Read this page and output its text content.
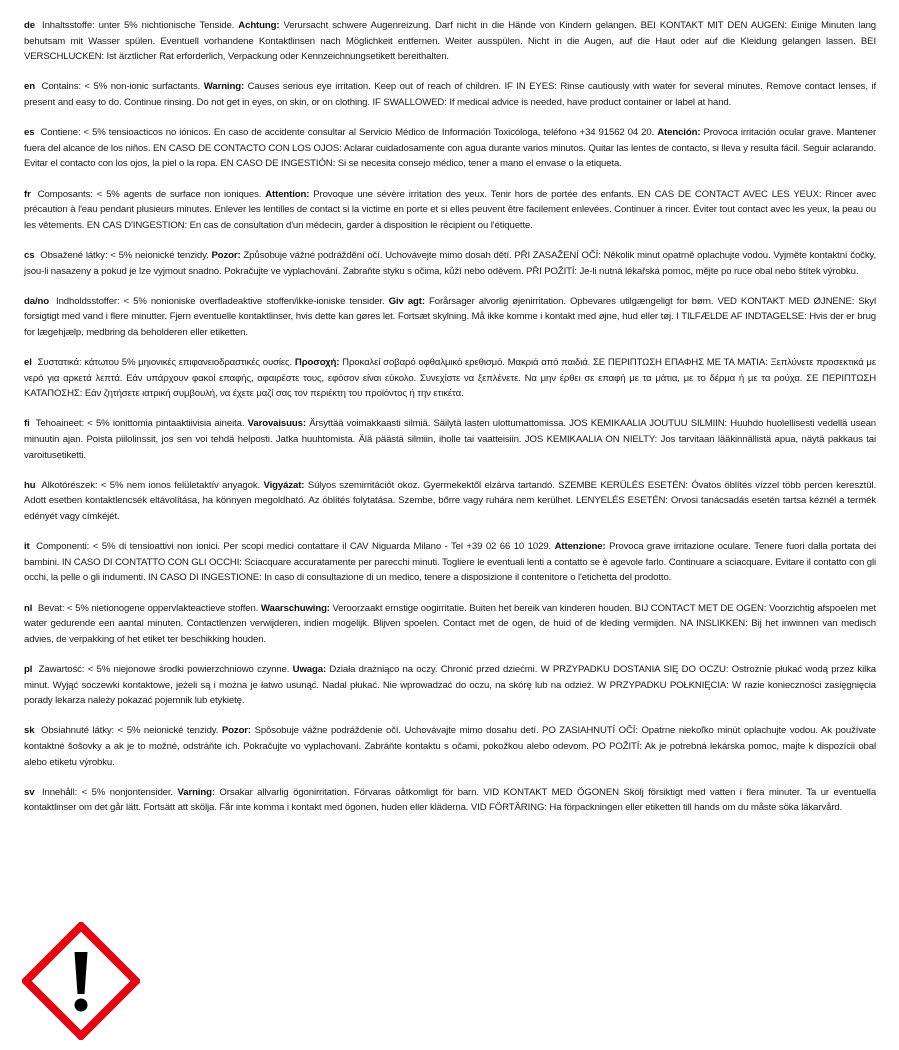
de Inhaltsstoffe: unter 5% nichtionische Tenside. Achtung: Verursacht schwere Augenreizung. Darf nicht in die Hände von Kindern gelangen. BEI KONTAKT MIT DEN AUGEN: Einige Minuten lang behutsam mit Wasser spülen. Eventuell vorhandene Kontaktlinsen nach Möglichkeit entfernen. Weiter ausspülen. Nicht in die Augen, auf die Haut oder auf die Kleidung gelangen lassen. BEI VERSCHLUCKEN: Ist ärztlicher Rat erforderlich, Verpackung oder Kennzeichnungsetikett bereithalten.

en Contains: < 5% non-ionic surfactants. Warning: Causes serious eye irritation. Keep out of reach of children. IF IN EYES: Rinse cautiously with water for several minutes. Remove contact lenses, if present and easy to do. Continue rinsing. Do not get in eyes, on skin, or on clothing. IF SWALLOWED: If medical advice is needed, have product container or label at hand.

es Contiene: < 5% tensioacticos no iónicos. En caso de accidente consultar al Servicio Médico de Información Toxicóloga, teléfono +34 91562 04 20. Atención: Provoca irritación ocular grave. Mantener fuera del alcance de los niños. EN CASO DE CONTACTO CON LOS OJOS: Aclarar cuidadosamente con agua durante varios minutos. Quitar las lentes de contacto, si lleva y resulta fácil. Seguir aclarando. Evitar el contacto con los ojos, la piel o la ropa. EN CASO DE INGESTIÓN: Si se necesita consejo médico, tener a mano el envase o la etiqueta.

fr Composants: < 5% agents de surface non ioniques. Attention: Provoque une sévère irritation des yeux. Tenir hors de portée des enfants. EN CAS DE CONTACT AVEC LES YEUX: Rincer avec précaution à l'eau pendant plusieurs minutes. Enlever les lentilles de contact si la victime en porte et si elles peuvent être facilement enlevées. Continuer à rincer. Éviter tout contact avec les yeux, la peau ou les vêtements. EN CAS D'INGESTION: En cas de consultation d'un médecin, garder à disposition le récipient ou l'étiquette.

cs Obsažené látky: < 5% neionické tenzidy. Pozor: Způsobuje vážné podráždění očí. Uchovávejte mimo dosah dětí. PŘI ZASAŽENÍ OČÍ: Několik minut opatrně oplachujte vodou. Vyjměte kontaktní čočky, jsou-li nasazeny a pokud je lze vyjmout snadno. Pokračujte ve vyplachování. Zabraňte styku s očima, kůží nebo oděvem. PŘI POŽITÍ: Je-li nutná lékařská pomoc, mějte po ruce obal nebo štítek výrobku.

da/no Indholdsstoffer: < 5% nonioniske overfladeaktive stoffen/ikke-ioniske tensider. Giv agt: Forårsager alvorlig øjenirritation. Opbevares utilgængeligt for børn. VED KONTAKT MED ØJNENE: Skyl forsigtigt med vand i flere minutter. Fjern eventuelle kontaktlinser, hvis dette kan gøres let. Fortsæt skylning. Må ikke komme i kontakt med øjne, hud eller tøj. I TILFÆLDE AF INDTAGELSE: Hvis der er brug for lægehjælp, medbring da beholderen eller etiketten.

el Συστατικά: κάτωτου 5% μηιονικές επιφανειοδραστικές ουσίες. Προσοχή: Προκαλεί σοβαρό οφθαλμικό ερεθισμό. Μακριά από παιδιά. ΣΕ ΠΕΡΙΠΤΩΣΗ ΕΠΑΦΗΣ ΜΕ ΤΑ ΜΑΤΙΑ: Ξεπλύνετε προσεκτικά με νερό για αρκετά λεπτά. Εάν υπάρχουν φακοί επαφής, αφαιρέστε τους, εφόσον είναι εύκολο. Συνεχίστε να ξεπλένετε. Να μην έρθει σε επαφή με τα μάτια, με το δέρμα ή με τα ρούχα. ΣΕ ΠΕΡΙΠΤΩΣΗ ΚΑΤΑΠΟΣΗΣ: Εάν ζητήσετε ιατρική συμβουλή, να έχετε μαζί σας τον περιέκτη του προϊόντος ή την ετικέτα.

fi Tehoaineet: < 5% ionittomia pintaaktiivisia aineita. Varovaisuus: Ärsyttää voimakkaasti silmiä. Säilytä lasten ulottumattomissa. JOS KEMIKAALIA JOUTUU SILMIIN: Huuhdo huolellisesti vedellä usean minuutin ajan. Poista piilolinssit, jos sen voi tehdä helposti. Jatka huuhtomista. Älä päästä silmiin, iholle tai vaatteisiin. JOS KEMIKAALIA ON NIELTY: Jos tarvitaan lääkinnällistä apua, näytä pakkaus tai varoitusetiketti.

hu Alkotórészek: < 5% nem ionos felületaktív anyagok. Vigyázat: Súlyos szemirritációt okoz. Gyermekektől elzárva tartandó. SZEMBE KERÜLÉS ESETÉN: Óvatos öblítés vízzel több percen keresztül. Adott esetben kontaktlencsék eltávolítása, ha könnyen megoldható. Az öblítés folytatása. Szembe, bőrre vagy ruhára nem kerülhet. LENYELÉS ESETÉN: Orvosi tanácsadás esetén tartsa kéznél a termék edényét vagy címkéjét.

it Componenti: < 5% di tensioattivi non ionici. Per scopi medici contattare il CAV Niguarda Milano - Tel +39 02 66 10 1029. Attenzione: Provoca grave irritazione oculare. Tenere fuori dalla portata dei bambini. IN CASO DI CONTATTO CON GLI OCCHI: Sciacquare accuratamente per parecchi minuti. Togliere le eventuali lenti a contatto se è agevole farlo. Continuare a sciacquare. Evitare il contatto con gli occhi, la pelle o gli indumenti. IN CASO DI INGESTIONE: In caso di consultazione di un medico, tenere a disposizione il contenitore o l'etichetta del prodotto.

nl Bevat: < 5% nietionogene oppervlakteactieve stoffen. Waarschuwing: Veroorzaakt ernstige oogirritatie. Buiten het bereik van kinderen houden. BIJ CONTACT MET DE OGEN: Voorzichtig afspoelen met water gedurende een aantal minuten. Contactlenzen verwijderen, indien mogelijk. Blijven spoelen. Contact met de ogen, de huid of de kleding vermijden. NA INSLIKKEN: Bij het inwinnen van medisch advies, de verpakking of het etiket ter beschikking houden.

pl Zawartość: < 5% niejonowe środki powierzchniowo czynne. Uwaga: Działa drażniąco na oczy. Chronić przed dziećmi. W PRZYPADKU DOSTANIA SIĘ DO OCZU: Ostrożnie płukać wodą przez kilka minut. Wyjąć soczewki kontaktowe, jeżeli są i można je łatwo usunąć. Nadal płukać. Nie wprowadzać do oczu, na skórę lub na odzież. W PRZYPADKU POŁKNIĘCIA: W razie konieczności zasięgnięcia porady lekarza należy pokazać pojemnik lub etykietę.

sk Obsiahnuté látky: < 5% neionické tenzidy. Pozor: Spôsobuje vážne podráždenie očí. Uchovávajte mimo dosahu detí. PO ZASIAHNUTÍ OČÍ: Opatrne niekoľko minút oplachujte vodou. Ak používate kontaktné šošovky a ak je to možné, odstráňte ich. Pokračujte vo vyplachovaní. Zabráňte kontaktu s očami, pokožkou alebo odevom. PO POŽITÍ: Ak je potrebná lekárska pomoc, majte k dispozícii obal alebo etiketu výrobku.

sv Innehåll: < 5% nonjontensider. Varning: Orsakar allvarlig ögonirritation. Förvaras oåtkomligt för barn. VID KONTAKT MED ÖGONEN Skölj försiktigt med vatten i flera minuter. Ta ur eventuella kontaktlinser om det går lätt. Fortsätt att skölja. Får inte komma i kontakt med ögonen, huden eller kläderna. VID FÖRTÄRING: Ha förpackningen eller etiketten till hands om du måste söka läkarvård.
